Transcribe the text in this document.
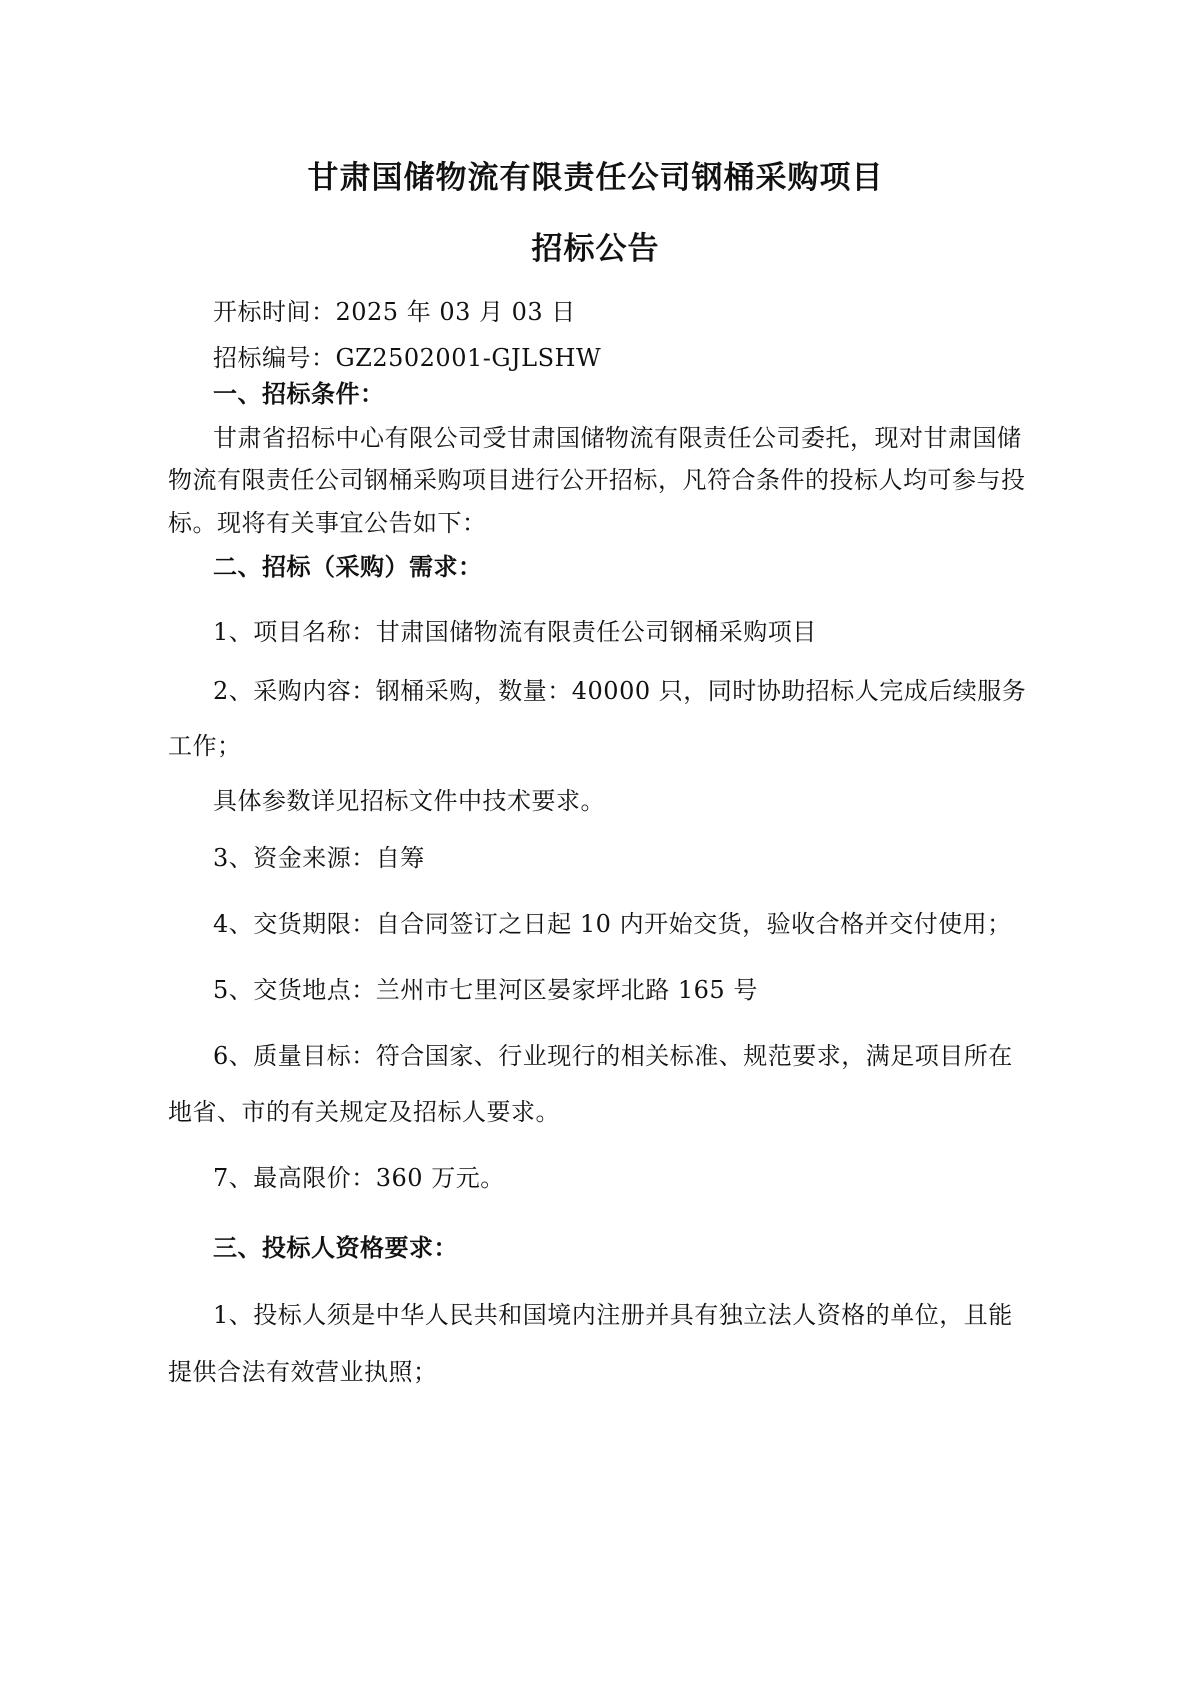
甘肃国储物流有限责任公司钢桶采购项目
招标公告
开标时间：2025 年 03 月 03 日
招标编号：GZ2502001-GJLSHW
一、招标条件：
甘肃省招标中心有限公司受甘肃国储物流有限责任公司委托，现对甘肃国储
物流有限责任公司钢桶采购项目进行公开招标，凡符合条件的投标人均可参与投
标。现将有关事宜公告如下：
二、招标（采购）需求：
1、项目名称：甘肃国储物流有限责任公司钢桶采购项目
2、采购内容：钢桶采购，数量：40000 只，同时协助招标人完成后续服务
工作；
具体参数详见招标文件中技术要求。
3、资金来源：自筹
4、交货期限：自合同签订之日起 10 内开始交货，验收合格并交付使用；
5、交货地点：兰州市七里河区晏家坪北路 165 号
6、质量目标：符合国家、行业现行的相关标准、规范要求，满足项目所在
地省、市的有关规定及招标人要求。
7、最高限价：360 万元。
三、投标人资格要求：
1、投标人须是中华人民共和国境内注册并具有独立法人资格的单位，且能
提供合法有效营业执照；
